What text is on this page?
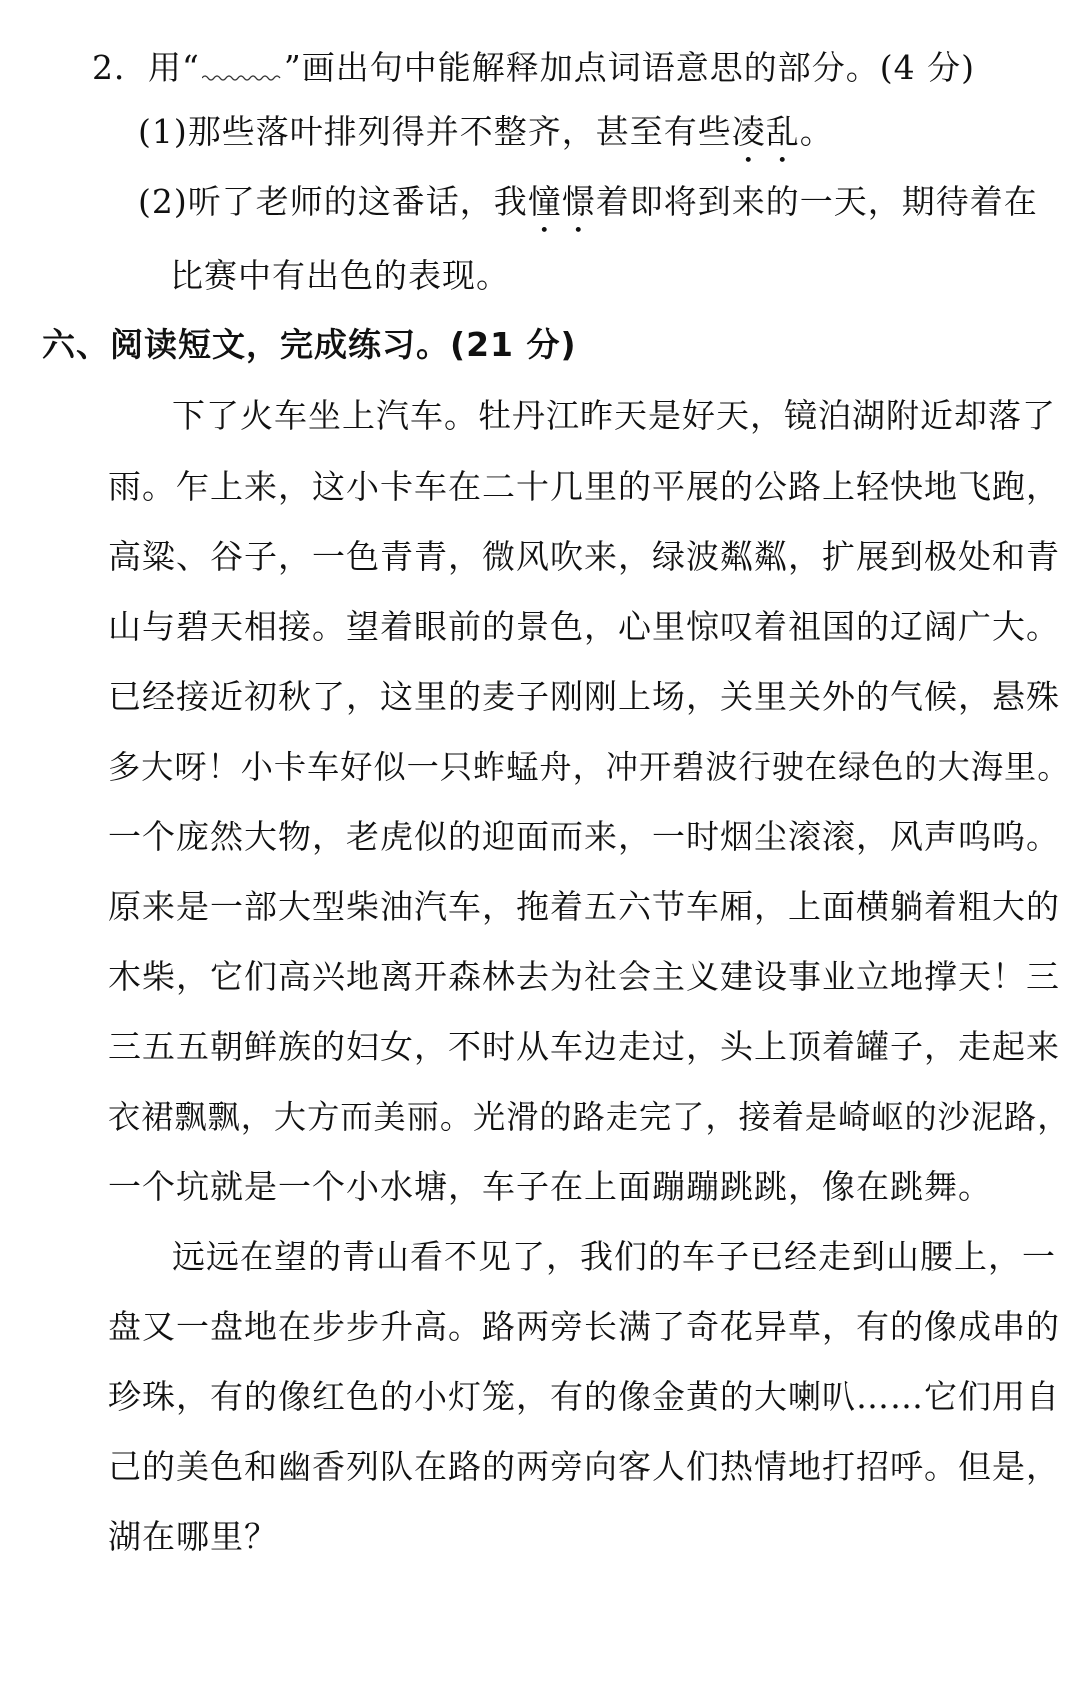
2．用“	”画出句中能解释加点词语意思的部分。(4 分)
(1)那些落叶排列得并不整齐，甚至有些凌乱。
(2)听了老师的这番话，我憧憬着即将到来的一天，期待着在
比赛中有出色的表现。
六、阅读短文，完成练习。(21 分)
下了火车坐上汽车。牡丹江昨天是好天，镜泊湖附近却落了
雨。乍上来，这小卡车在二十几里的平展的公路上轻快地飞跑，
高粱、谷子，一色青青，微风吹来，绿波粼粼，扩展到极处和青
山与碧天相接。望着眼前的景色，心里惊叹着祖国的辽阔广大。
已经接近初秋了，这里的麦子刚刚上场，关里关外的气候，悬殊
多大呀！小卡车好似一只蚱蜢舟，冲开碧波行驶在绿色的大海里。
一个庞然大物，老虎似的迎面而来，一时烟尘滚滚，风声呜呜。
原来是一部大型柴油汽车，拖着五六节车厢，上面横躺着粗大的
木柴，它们高兴地离开森林去为社会主义建设事业立地撑天！三
三五五朝鲜族的妇女，不时从车边走过，头上顶着罐子，走起来
衣裙飘飘，大方而美丽。光滑的路走完了，接着是崎岖的沙泥路，
一个坑就是一个小水塘，车子在上面蹦蹦跳跳，像在跳舞。
远远在望的青山看不见了，我们的车子已经走到山腰上，一
盘又一盘地在步步升高。路两旁长满了奇花异草，有的像成串的
珍珠，有的像红色的小灯笼，有的像金黄的大喇叭……它们用自
己的美色和幽香列队在路的两旁向客人们热情地打招呼。但是，
湖在哪里？
